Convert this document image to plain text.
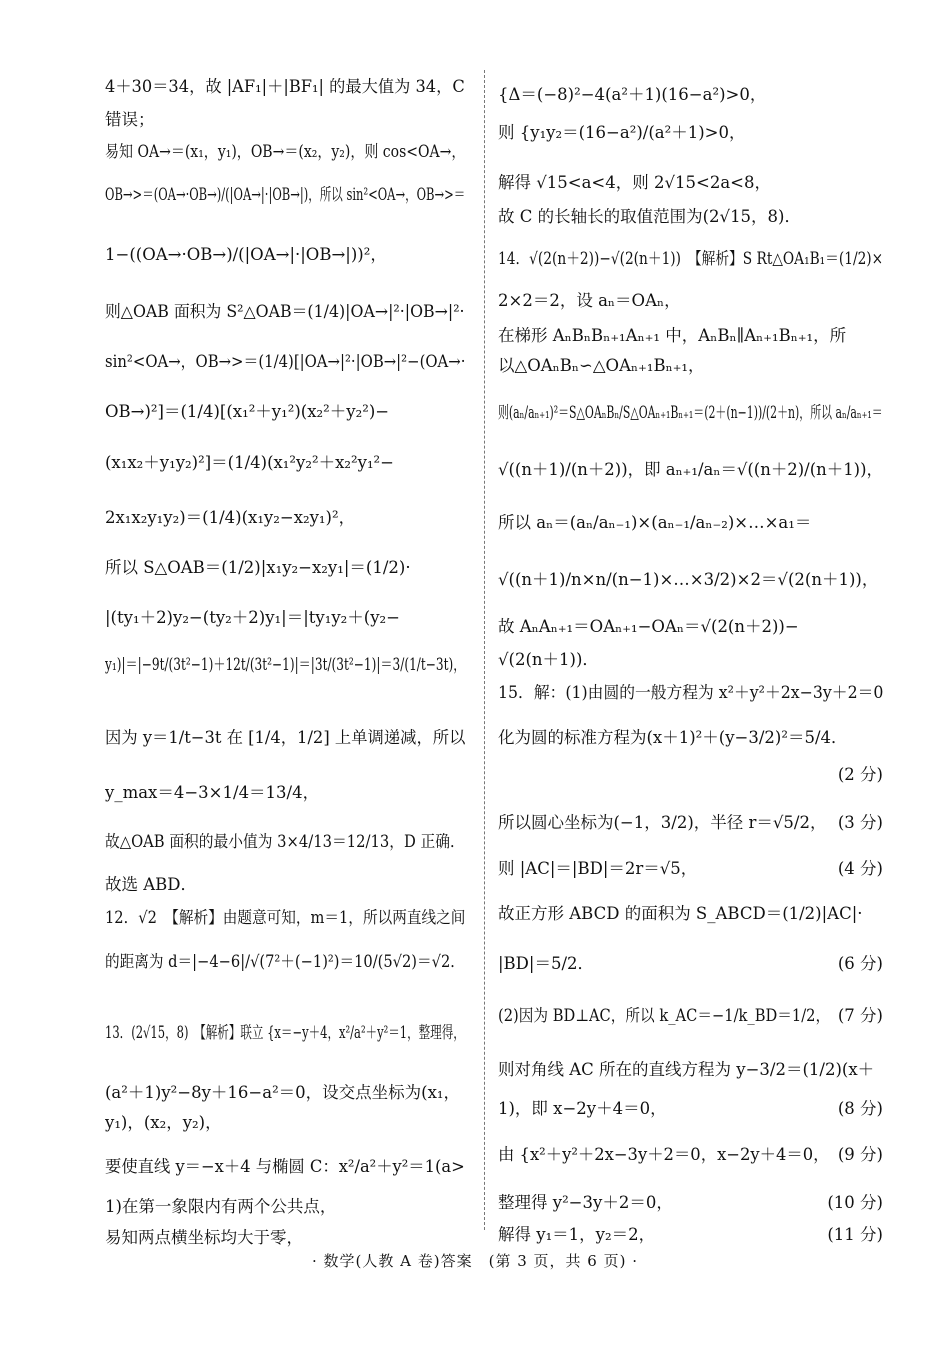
4＋30＝34，故 |AF₁|＋|BF₁| 的最大值为 34，C
错误；
易知 OA→＝(x₁，y₁)，OB→＝(x₂，y₂)，则 cos<OA→，
OB→>＝(OA→·OB→)/(|OA→|·|OB→|)，所以 sin²<OA→，OB→>＝
1−((OA→·OB→)/(|OA→|·|OB→|))²，
则△OAB 面积为 S²△OAB＝(1/4)|OA→|²·|OB→|²·
sin²<OA→，OB→>＝(1/4)[|OA→|²·|OB→|²−(OA→·
OB→)²]＝(1/4)[(x₁²＋y₁²)(x₂²＋y₂²)−
(x₁x₂＋y₁y₂)²]＝(1/4)(x₁²y₂²＋x₂²y₁²−
2x₁x₂y₁y₂)＝(1/4)(x₁y₂−x₂y₁)²，
所以 S△OAB＝(1/2)|x₁y₂−x₂y₁|＝(1/2)·
|(ty₁＋2)y₂−(ty₂＋2)y₁|＝|ty₁y₂＋(y₂−
y₁)|＝|−9t/(3t²−1)＋12t/(3t²−1)|＝|3t/(3t²−1)|＝3/(1/t−3t)，
因为 y＝1/t−3t 在 [1/4，1/2] 上单调递减，所以
y_max＝4−3×1/4＝13/4，
故△OAB 面积的最小值为 3×4/13＝12/13，D 正确．
故选 ABD．
12．√2　【解析】由题意可知，m＝1，所以两直线之间
的距离为 d＝|−4−6|/√(7²＋(−1)²)＝10/(5√2)＝√2．
13．(2√15，8)　【解析】联立 {x＝−y＋4，x²/a²＋y²＝1，整理得，
(a²＋1)y²−8y＋16−a²＝0，设交点坐标为(x₁，
y₁)，(x₂，y₂)，
要使直线 y＝−x＋4 与椭圆 C：x²/a²＋y²＝1(a>
1)在第一象限内有两个公共点，
易知两点横坐标均大于零，
{Δ＝(−8)²−4(a²＋1)(16−a²)>0，
则 {y₁y₂＝(16−a²)/(a²＋1)>0，
解得 √15<a<4，则 2√15<2a<8，
故 C 的长轴长的取值范围为(2√15，8)．
14．√(2(n＋2))−√(2(n＋1))　【解析】S Rt△OA₁B₁＝(1/2)×
2×2＝2，设 aₙ＝OAₙ，
在梯形 AₙBₙBₙ₊₁Aₙ₊₁ 中，AₙBₙ∥Aₙ₊₁Bₙ₊₁，所
以△OAₙBₙ∽△OAₙ₊₁Bₙ₊₁，
则(aₙ/aₙ₊₁)²＝S△OAₙBₙ/S△OAₙ₊₁Bₙ₊₁＝(2＋(n−1))/(2＋n)，所以 aₙ/aₙ₊₁＝
√((n＋1)/(n＋2))，即 aₙ₊₁/aₙ＝√((n＋2)/(n＋1))，
所以 aₙ＝(aₙ/aₙ₋₁)×(aₙ₋₁/aₙ₋₂)×…×a₁＝
√((n＋1)/n×n/(n−1)×…×3/2)×2＝√(2(n＋1))，
故 AₙAₙ₊₁＝OAₙ₊₁−OAₙ＝√(2(n＋2))−
√(2(n＋1))．
15．解：(1)由圆的一般方程为 x²＋y²＋2x−3y＋2＝0
化为圆的标准方程为(x＋1)²＋(y−3/2)²＝5/4．
(2 分)
所以圆心坐标为(−1，3/2)，半径 r＝√5/2， (3 分)
则 |AC|＝|BD|＝2r＝√5，	(4 分)
故正方形 ABCD 的面积为 S_ABCD＝(1/2)|AC|·
|BD|＝5/2．	(6 分)
(2)因为 BD⊥AC，所以 k_AC＝−1/k_BD＝1/2， (7 分)
则对角线 AC 所在的直线方程为 y−3/2＝(1/2)(x＋
1)，即 x−2y＋4＝0，	(8 分)
由 {x²＋y²＋2x−3y＋2＝0，x−2y＋4＝0， (9 分)
整理得 y²−3y＋2＝0，	(10 分)
解得 y₁＝1，y₂＝2，	(11 分)
· 数学(人教 A 卷)答案　(第 3 页，共 6 页) ·
